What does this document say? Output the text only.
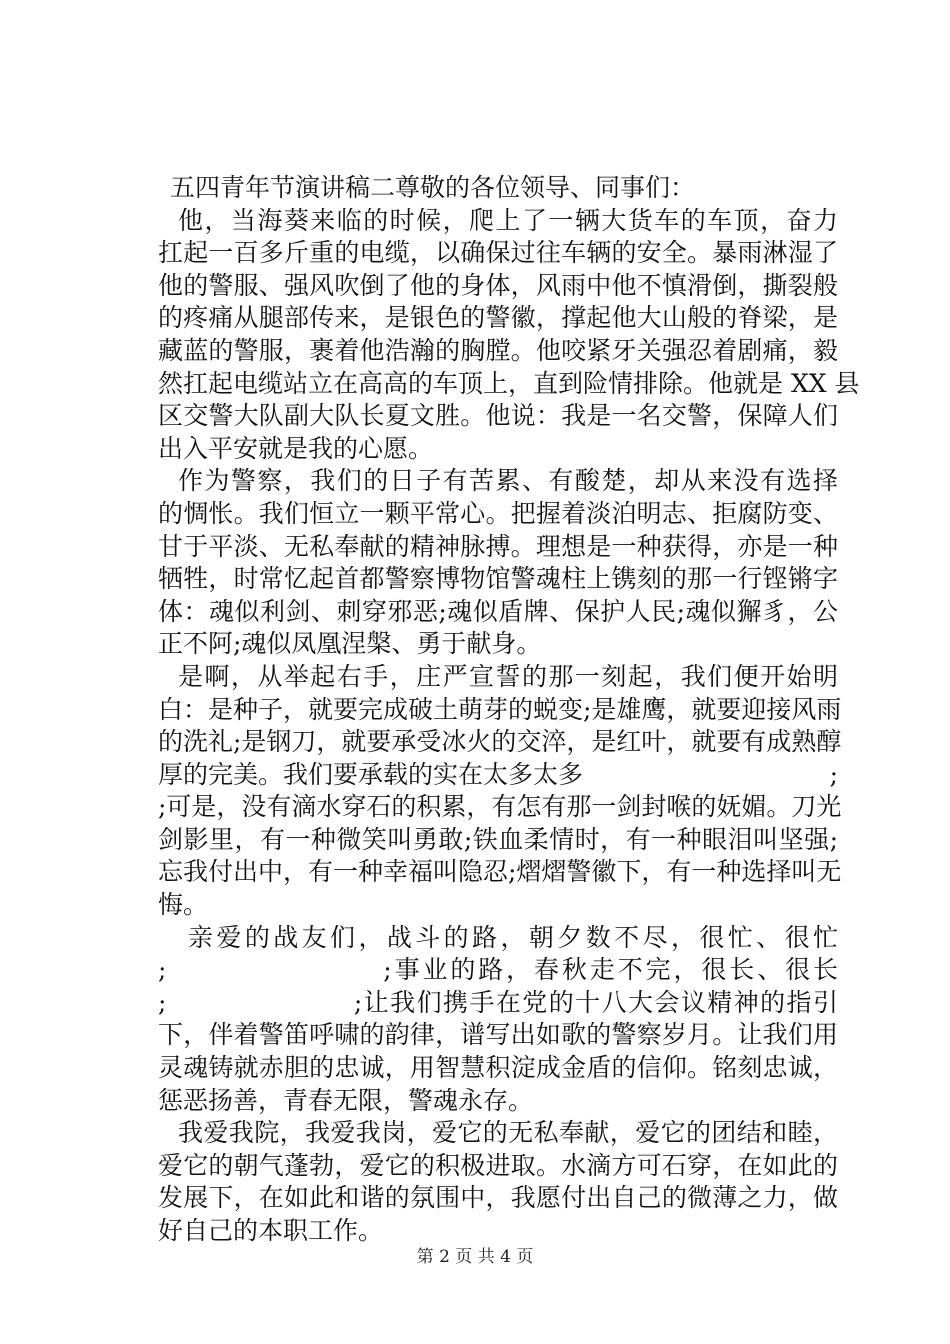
五四青年节演讲稿二尊敬的各位领导、同事们：
他，当海葵来临的时候，爬上了一辆大货车的车顶，奋力
扛起一百多斤重的电缆，以确保过往车辆的安全。暴雨淋湿了
他的警服、强风吹倒了他的身体，风雨中他不慎滑倒，撕裂般
的疼痛从腿部传来，是银色的警徽，撑起他大山般的脊梁，是
藏蓝的警服，裹着他浩瀚的胸膛。他咬紧牙关强忍着剧痛，毅
然扛起电缆站立在高高的车顶上，直到险情排除。他就是 XX 县
区交警大队副大队长夏文胜。他说：我是一名交警，保障人们
出入平安就是我的心愿。
作为警察，我们的日子有苦累、有酸楚，却从来没有选择
的惆怅。我们恒立一颗平常心。把握着淡泊明志、拒腐防变、
甘于平淡、无私奉献的精神脉搏。理想是一种获得，亦是一种
牺牲，时常忆起首都警察博物馆警魂柱上镌刻的那一行铿锵字
体：魂似利剑、刺穿邪恶;魂似盾牌、保护人民;魂似獬豸，公
正不阿;魂似凤凰涅槃、勇于献身。
是啊，从举起右手，庄严宣誓的那一刻起，我们便开始明
白：是种子，就要完成破土萌芽的蜕变;是雄鹰，就要迎接风雨
的洗礼;是钢刀，就要承受冰火的交淬，是红叶，就要有成熟醇
厚的完美。我们要承载的实在太多太多	;
;可是，没有滴水穿石的积累，有怎有那一剑封喉的妩媚。刀光
剑影里，有一种微笑叫勇敢;铁血柔情时，有一种眼泪叫坚强;
忘我付出中，有一种幸福叫隐忍;熠熠警徽下，有一种选择叫无
悔。
亲爱的战友们，战斗的路，朝夕数不尽，很忙、很忙
;                    ;事业的路，春秋走不完，很长、很长
;                    ;让我们携手在党的十八大会议精神的指引
下，伴着警笛呼啸的韵律，谱写出如歌的警察岁月。让我们用
灵魂铸就赤胆的忠诚，用智慧积淀成金盾的信仰。铭刻忠诚，
惩恶扬善，青春无限，警魂永存。
我爱我院，我爱我岗，爱它的无私奉献，爱它的团结和睦，
爱它的朝气蓬勃，爱它的积极进取。水滴方可石穿，在如此的
发展下，在如此和谐的氛围中，我愿付出自己的微薄之力，做
好自己的本职工作。
第 2 页 共 4 页
